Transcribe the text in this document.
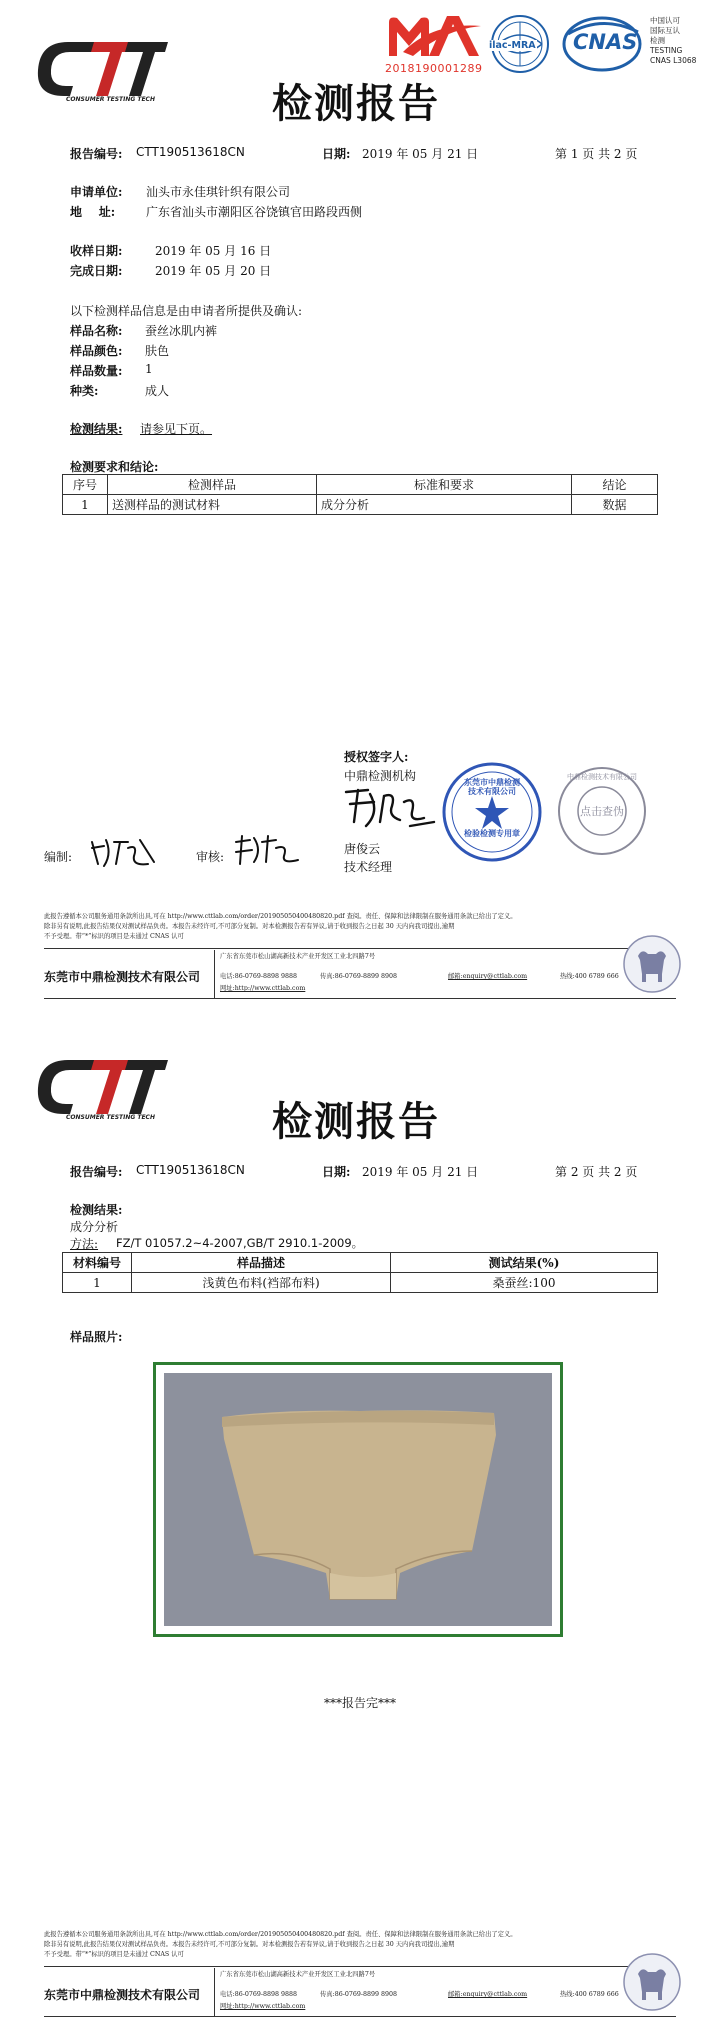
CONSUMER TESTING TECH
2018190001289
ilac-MRA CNAS
中国认可
国际互认
检测
TESTING
CNAS L3068
检测报告
报告编号: CTT190513618CN	日期: 2019 年 05 月 21 日	第 1 页 共 2 页
申请单位: 汕头市永佳琪针织有限公司
地    址:	广东省汕头市潮阳区谷饶镇官田路段西侧
收样日期:	2019 年 05 月 16 日
完成日期:	2019 年 05 月 20 日
以下检测样品信息是由申请者所提供及确认:
样品名称: 蚕丝冰肌内裤
样品颜色: 肤色
样品数量: 1
种类:	成人
检测结果: 请参见下页。
检测要求和结论:
序号	检测样品	标准和要求	结论
1	送测样品的测试材料	成分分析	数据
授权签字人:
中鼎检测机构
唐俊云
技术经理
东莞市中鼎检测技术有限公司
检验检测专用章
中鼎检测技术有限公司
点击查伪
编制:	审核:
此报告遵循本公司服务通用条款所出具,可在 http://www.cttlab.com/order/20190505040048​0820.pdf 查阅。责任、保障和法律限制在服务通用条款已给出了定义。
除非另有说明,此报告结果仅对测试样品负责。本报告未经许可,不可部分复制。对本检测报告若有异议,请于收到报告之日起 30 天内向我司提出,逾期
不予受理。带“*”标识的项目是未通过 CNAS 认可
东莞市中鼎检测技术有限公司
广东省东莞市松山湖高新技术产业开发区工业北四路7号
电话:86-0769-8898 9888	传真:86-0769-8899 8908	邮箱:enquiry@cttlab.com	热线:400 6789 666
网址:http://www.cttlab.com
CONSUMER TESTING TECH	检测报告
报告编号: CTT190513618CN	日期: 2019 年 05 月 21 日	第 2 页 共 2 页
检测结果:
成分分析
方法: FZ/T 01057.2~4-2007,GB/T 2910.1-2009。
材料编号	样品描述	测试结果(%)
1	浅黄色布料(裆部布料)	桑蚕丝:100
样品照片:
***报告完***
此报告遵循本公司服务通用条款所出具,可在 http://www.cttlab.com/order/20190505040048​0820.pdf 查阅。责任、保障和法律限制在服务通用条款已给出了定义。
除非另有说明,此报告结果仅对测试样品负责。本报告未经许可,不可部分复制。对本检测报告若有异议,请于收到报告之日起 30 天内向我司提出,逾期
不予受理。带“*”标识的项目是未通过 CNAS 认可
东莞市中鼎检测技术有限公司
广东省东莞市松山湖高新技术产业开发区工业北四路7号
电话:86-0769-8898 9888	传真:86-0769-8899 8908	邮箱:enquiry@cttlab.com	热线:400 6789 666
网址:http://www.cttlab.com
